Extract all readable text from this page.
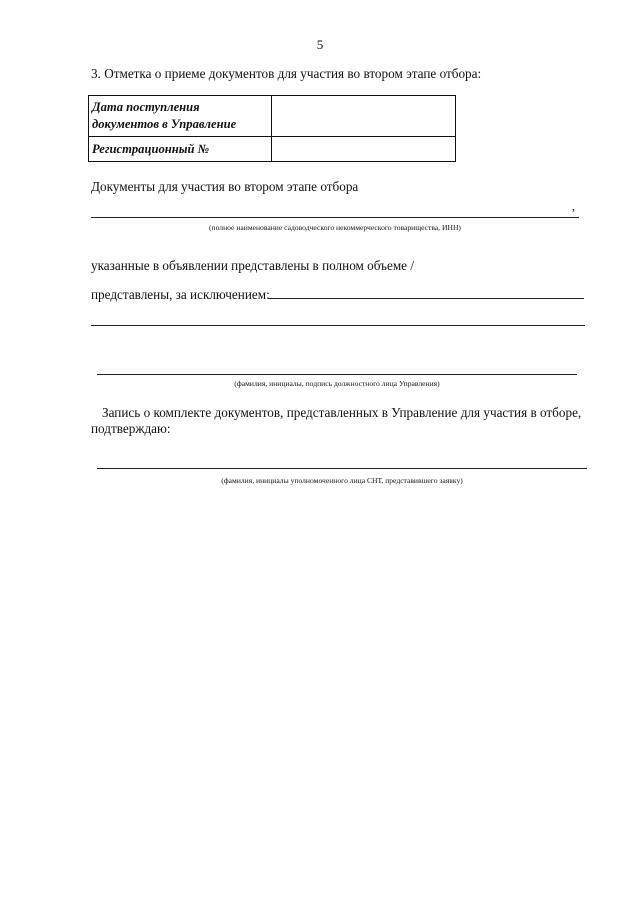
5
3. Отметка о приеме документов для участия во втором этапе отбора:
Дата поступления
документов в Управление	

Регистрационный №	

Документы для участия во втором этапе отбора
,
(полное наименование садоводческого некоммерческого товарищества, ИНН)
указанные в объявлении представлены в полном объеме /
представлены, за исключением:
(фамилия, инициалы, подпись должностного лица Управления)
Запись о комплекте документов, представленных в Управление для участия в отборе,
подтверждаю:
(фамилия, инициалы уполномоченного лица СНТ, представившего заявку)
